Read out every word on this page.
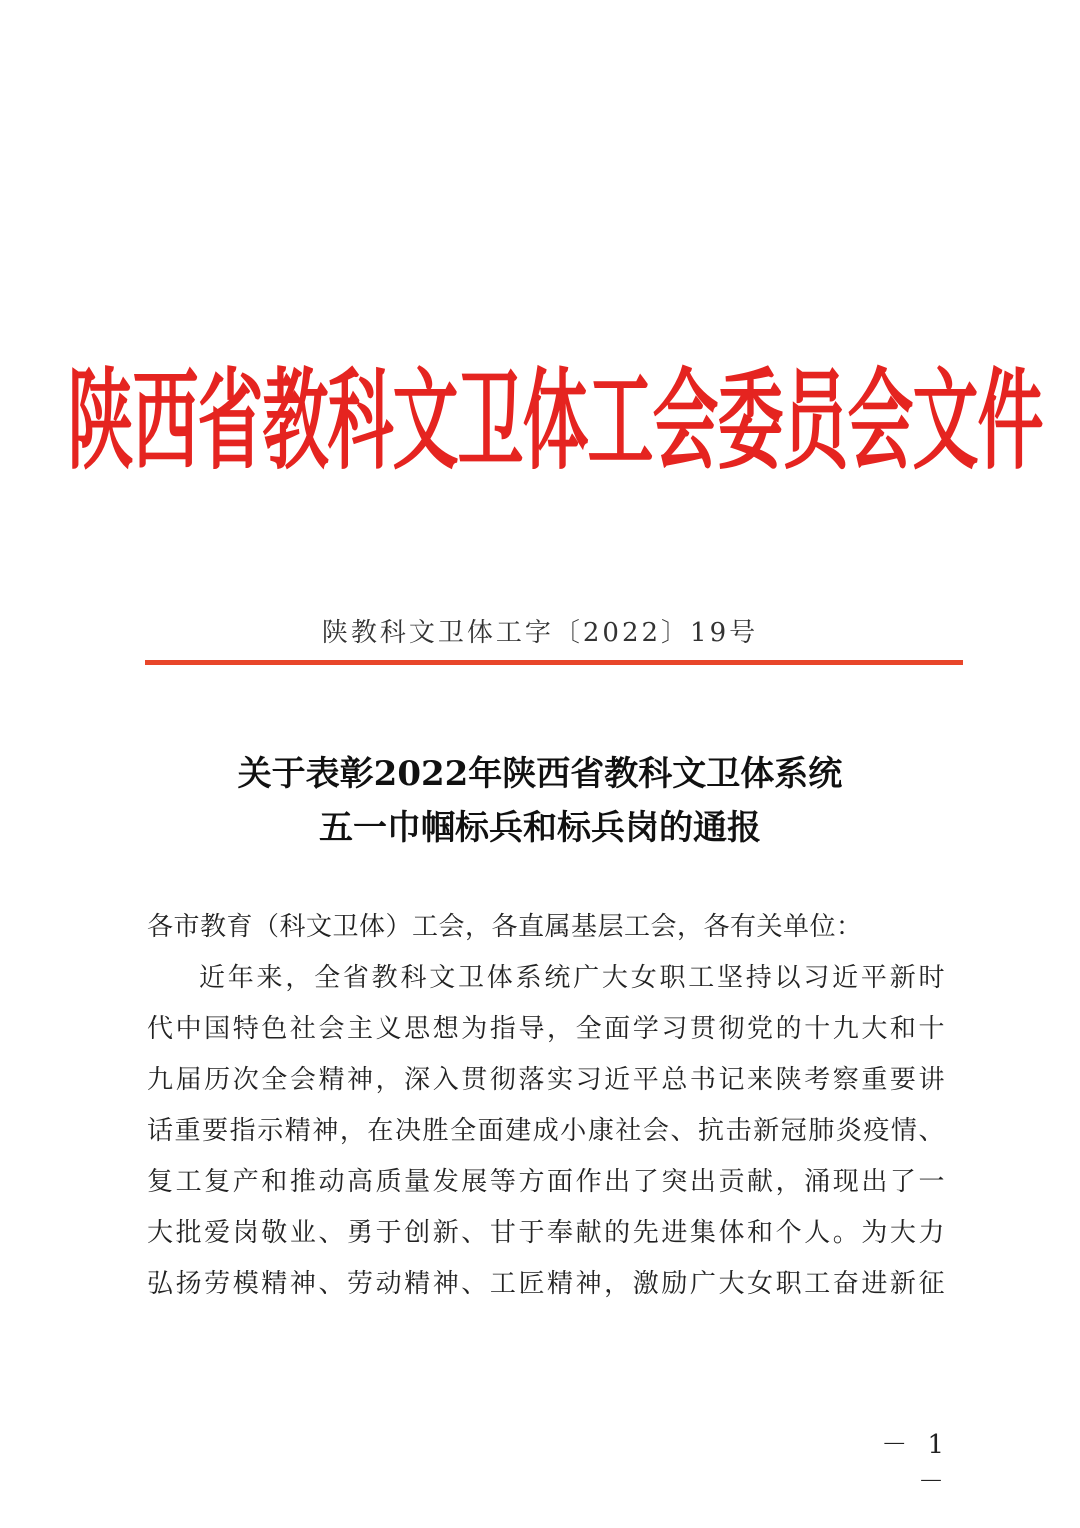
陕西省教科文卫体工会委员会文件
陕教科文卫体工字〔2022〕19号
关于表彰2022年陕西省教科文卫体系统
五一巾帼标兵和标兵岗的通报
各市教育（科文卫体）工会，各直属基层工会，各有关单位：
近年来，全省教科文卫体系统广大女职工坚持以习近平新时
代中国特色社会主义思想为指导，全面学习贯彻党的十九大和十
九届历次全会精神，深入贯彻落实习近平总书记来陕考察重要讲
话重要指示精神，在决胜全面建成小康社会、抗击新冠肺炎疫情、
复工复产和推动高质量发展等方面作出了突出贡献，涌现出了一
大批爱岗敬业、勇于创新、甘于奉献的先进集体和个人。为大力
弘扬劳模精神、劳动精神、工匠精神，激励广大女职工奋进新征
－ 1 －
